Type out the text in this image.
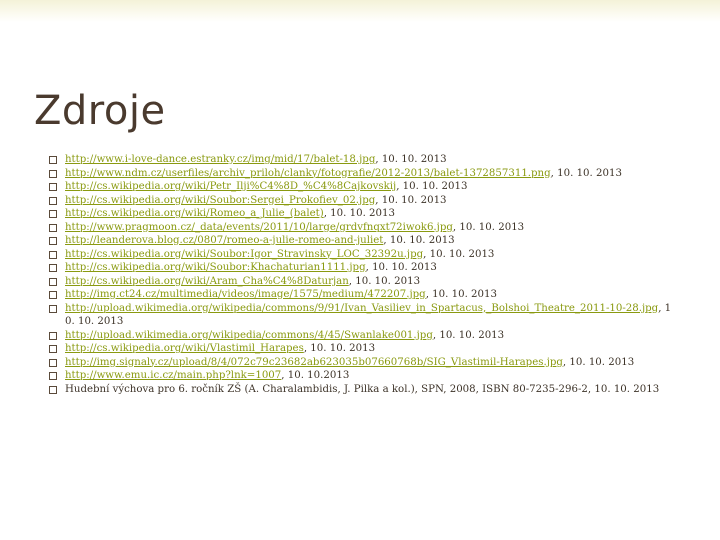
Zdroje
http://www.i-love-dance.estranky.cz/img/mid/17/balet-18.jpg, 10. 10. 2013
http://www.ndm.cz/userfiles/archiv_priloh/clanky/fotografie/2012-2013/balet-1372857311.png, 10. 10. 2013
http://cs.wikipedia.org/wiki/Petr_Ilji%C4%8D_%C4%8Cajkovskij, 10. 10. 2013
http://cs.wikipedia.org/wiki/Soubor:Sergei_Prokofiev_02.jpg, 10. 10. 2013
http://cs.wikipedia.org/wiki/Romeo_a_Julie_(balet), 10. 10. 2013
http://www.pragmoon.cz/_data/events/2011/10/large/grdvfnqxt72iwok6.jpg, 10. 10. 2013
http://leanderova.blog.cz/0807/romeo-a-julie-romeo-and-juliet, 10. 10. 2013
http://cs.wikipedia.org/wiki/Soubor:Igor_Stravinsky_LOC_32392u.jpg, 10. 10. 2013
http://cs.wikipedia.org/wiki/Soubor:Khachaturian1111.jpg, 10. 10. 2013
http://cs.wikipedia.org/wiki/Aram_Cha%C4%8Daturjan, 10. 10. 2013
http://img.ct24.cz/multimedia/videos/image/1575/medium/472207.jpg, 10. 10. 2013
http://upload.wikimedia.org/wikipedia/commons/9/91/Ivan_Vasiliev_in_Spartacus,_Bolshoi_Theatre_2011-10-28.jpg, 10. 10. 2013
http://upload.wikimedia.org/wikipedia/commons/4/45/Swanlake001.jpg, 10. 10. 2013
http://cs.wikipedia.org/wiki/Vlastimil_Harapes, 10. 10. 2013
http://img.signaly.cz/upload/8/4/072c79c23682ab623035b07660768b/SIG_Vlastimil-Harapes.jpg, 10. 10. 2013
http://www.emu.ic.cz/main.php?lnk=1007, 10. 10.2013
Hudební výchova pro 6. ročník ZŠ (A. Charalambidis, J. Pilka a kol.), SPN, 2008, ISBN 80-7235-296-2, 10. 10. 2013
